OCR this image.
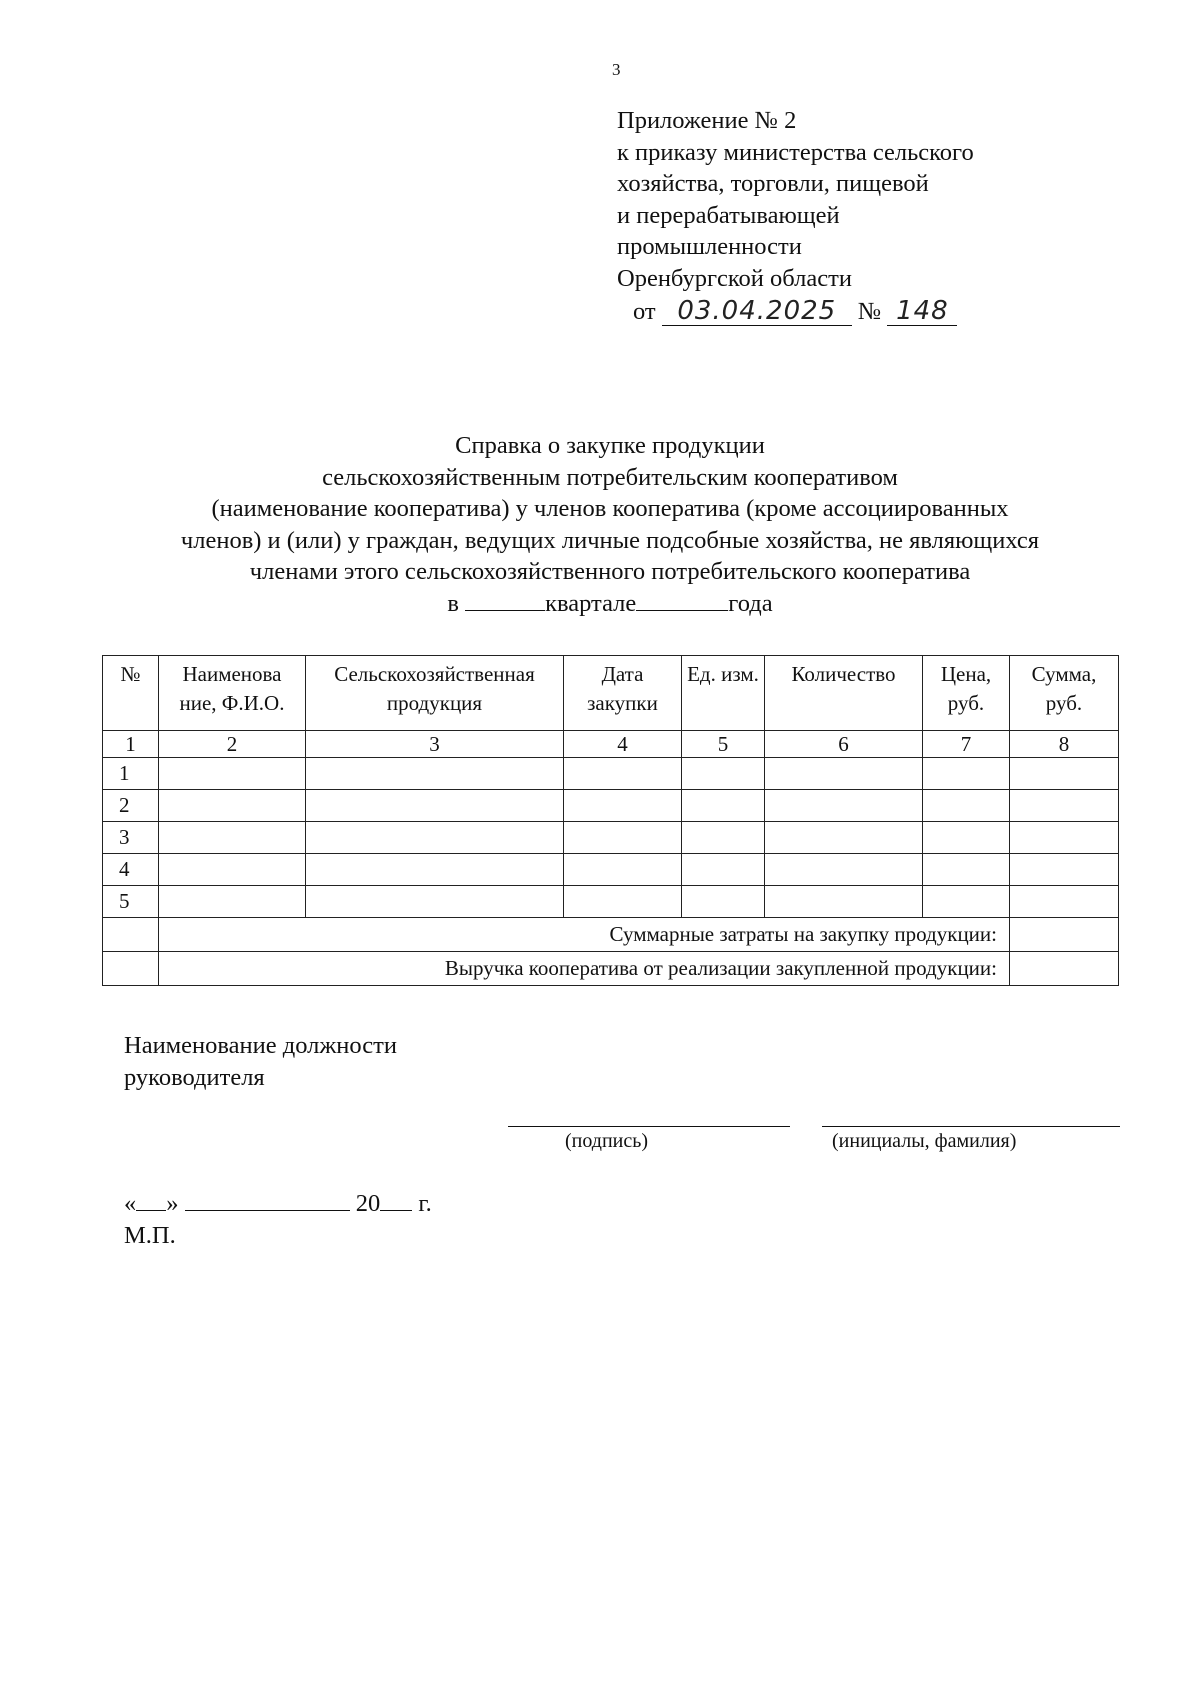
3
Приложение № 2
к приказу министерства сельского
хозяйства, торговли, пищевой
и перерабатывающей
промышленности
Оренбургской области
от 03.04.2025 № 148
Справка о закупке продукции
сельскохозяйственным потребительским кооперативом
(наименование кооператива) у членов кооператива (кроме ассоциированных
членов) и (или) у граждан, ведущих личные подсобные хозяйства, не являющихся
членами этого сельскохозяйственного потребительского кооператива
в	квартале	года
№	Наименова ние, Ф.И.О.	Сельскохозяйственная продукция	Дата закупки	Ед. изм.	Количество	Цена, руб.	Сумма, руб.
1	2	3	4	5	6	7	8
1							
2							
3							
4							
5							
	Суммарные затраты на закупку продукции:						
	Выручка кооператива от реализации закупленной продукции:						
Наименование должности
руководителя
(подпись)	(инициалы, фамилия)
« »	20 г.
М.П.
